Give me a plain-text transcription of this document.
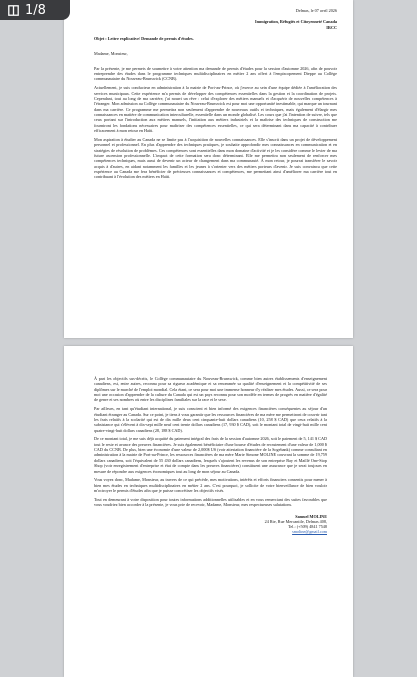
1/8	Delmas, le 07 avril 2026

Immigration, Réfugiés et Citoyenneté Canada

IRCC

Objet : Lettre explicative/ Demande de permis d'études.

Madame, Monsieur,

Par la présente, je me permets de soumettre à votre attention ma demande de permis d'études pour la session d'automne 2026, afin de pouvoir entreprendre des études dans le programme techniques multidisciplinaires en métier 2 ans offert à l'empiscopement Dieppe au Collège communautaire du Nouveau-Brunswick (CCNB).

Actuellement, je suis conducteur en administration à la mairie de Port-au-Prince, où j'exerce au sein d'une équipe dédiée à l'amélioration des services municipaux. Cette expérience m'a permis de développer des compétences essentielles dans la gestion et la coordination de projets. Cependant, tout au long de ma carrière, j'ai nourri un rêve : celui d'explorer des métiers manuels et d'acquérir de nouvelles compétences à l'étranger. Mon admission au Collège communautaire du Nouveau-Brunswick est pour moi une opportunité inestimable, qui marque un tournant dans ma carrière. Ce programme me permettra non seulement d'apprendre de nouveaux outils et techniques, mais également d'élargir mes connaissances en matière de communication interculturelle, essentielle dans un monde globalisé. Les cours que j'ai l'intention de suivre, tels que ceux portant sur l'introduction aux métiers manuels, l'initiation aux métiers industriels et la maîtrise des techniques de construction me fourniront les fondations nécessaires pour maîtriser des compétences essentielles, ce qui sera déterminant dans ma capacité à contribuer efficacement à mon retour en Haïti.

Mon aspiration à étudier au Canada ne se limite pas à l'acquisition de nouvelles connaissances. Elle s'inscrit dans un projet de développement personnel et professionnel. En plus d'apprendre des techniques pratiques, je souhaite approfondir mes connaissances en communication et en stratégies de résolution de problèmes. Ces compétences sont essentielles dans mon domaine d'activité et je les considère comme le levier de ma future ascension professionnelle. L'impact de cette formation sera donc déterminant. Elle me permettra non seulement de renforcer mes compétences techniques, mais aussi de devenir un acteur de changement dans ma communauté. À mon retour, je pourrai transférer le savoir acquis à d'autres, en aidant notamment les familles et les jeunes à s'orienter vers des métiers porteurs d'avenir. Je suis convaincu que cette expérience au Canada me fera bénéficier de précieuses connaissances et compétences, me permettant ainsi d'améliorer ma carrière tout en contribuant à l'évolution des métiers en Haïti.

À part les objectifs sus-décrits, le Collège communautaire du Nouveau-Brunswick, comme bien autres établissements d'enseignement canadiens, est, entre autres, reconnu pour sa rigueur académique et sa renommée sa qualité d'enseignement et la compétitivité de ses diplômes sur le marché de l'emploi mondial. Cela étant, ce sera pour moi une immense honneur d'y réaliser mes études. Aussi, ce sera pour moi une occasion d'apprendre de la culture du Canada qui est un pays reconnu pour son modèle en termes de progrès en matière d'égalité de genre et ses nombres où entre les disciplines familiales sur la race et le sexe.

Par ailleurs, en tant qu'étudiant international, je suis conscient et bien informé des exigences financières conséquentes au séjour d'un étudiant étranger au Canada. Sur ce point, je tiens à vous garantir que les ressources financières de ma mère me permettront de couvrir tant les frais relatifs à la scolarité qui est de dix mille deux cent cinquante-huit dollars canadiens (10, 258 $ CAD) que ceux relatifs à la subsistance qui s'élèvent à dix-sept mille neuf cent trente dollars canadiens (17, 930 $ CAD), soit le montant total de vingt-huit mille cent quatre-vingt-huit dollars canadiens (28, 188 $ CAD).

De ce montant total, je me suis déjà acquitté du paiement intégral des frais de la session d'automne 2026, soit le paiement de 5, 141 $ CAD tout le reste et avance des preuves financières. Je suis également bénéficiaire d'une bourse d'études de recrutement d'une valeur de 1,000 $ CAD du CCNB. De plus, bien une économie d'une valeur de 2,000$ US (voir attestation financière de la Sogebank) comme consultant en administration à la mairie de Port-au-Prince, les ressources financières de ma mère Marie Simone MOLINE couvrant la somme de 19,759 dollars canadiens, soit l'équivalent de 55 430 dollars canadiens, lesquels s'ajoutent les revenus de son entreprise Bay et Maillé One-Stop Shop (voir enregistrement d'entreprise et état de compte dans les preuves financières) constituent une assurance que je serai toujours en mesure de répondre aux exigences économiques tout au long de mon séjour au Canada.

Vous voyez donc, Madame, Monsieur, au travers de ce qui précède, mes motivations, intérêts et efforts financiers consentis pour mener à bien mes études en techniques multidisciplinaires en métier 2 ans. C'est pourquoi, je sollicite de votre bienveillance de bien vouloir m'octroyer le permis d'études afin que je puisse concrétiser les objectifs visés.

Tout en demeurant à votre disposition pour toutes informations additionnelles utilisables et en vous remerciant des suites favorables que vous voudriez bien accorder à la présente, je vous prie de recevoir, Madame, Monsieur, mes respectueuses salutations.

Samuel MOLINE
24 Rte, Rue Mercantile, Delmas 408,
Tel.: (+509) 4841 7548
smoline@gmail.com
